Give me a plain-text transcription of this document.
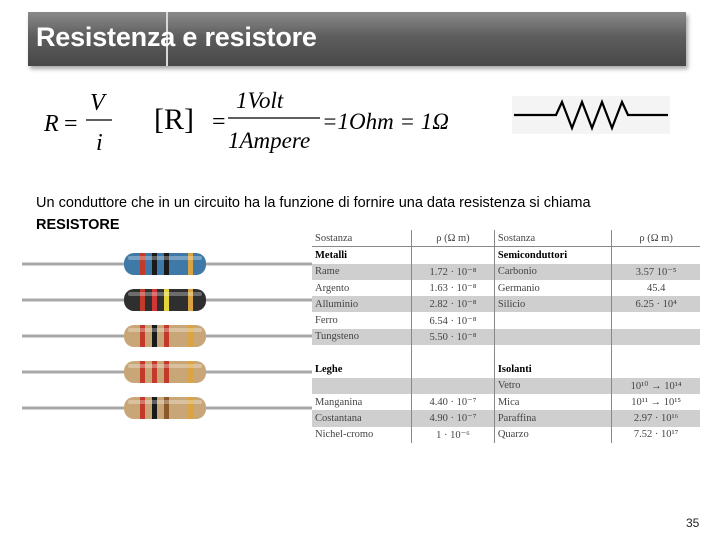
Resistenza e resistore
R =
V
i
[R] =
1Volt
1Ampere
=1Ohm = 1Ω
Un conduttore che in un circuito ha la funzione di fornire una data resistenza si chiama
RESISTORE
Sostanza	ρ (Ω m)	Sostanza	ρ (Ω m)
Metalli		Semiconduttori	
Rame	1.72 · 10⁻⁸	Carbonio	3.57 10⁻⁵
Argento	1.63 · 10⁻⁸	Germanio	45.4
Alluminio	2.82 · 10⁻⁸	Silicio	6.25 · 10⁴
Ferro	6.54 · 10⁻⁸		
Tungsteno	5.50 · 10⁻⁸		

Leghe		Isolanti	
		Vetro	10¹⁰ → 10¹⁴
Manganina	4.40 · 10⁻⁷	Mica	10¹¹ → 10¹⁵
Costantana	4.90 · 10⁻⁷	Paraffina	2.97 · 10¹⁶
Nichel-cromo	1 · 10⁻⁶	Quarzo	7.52 · 10¹⁷
35
